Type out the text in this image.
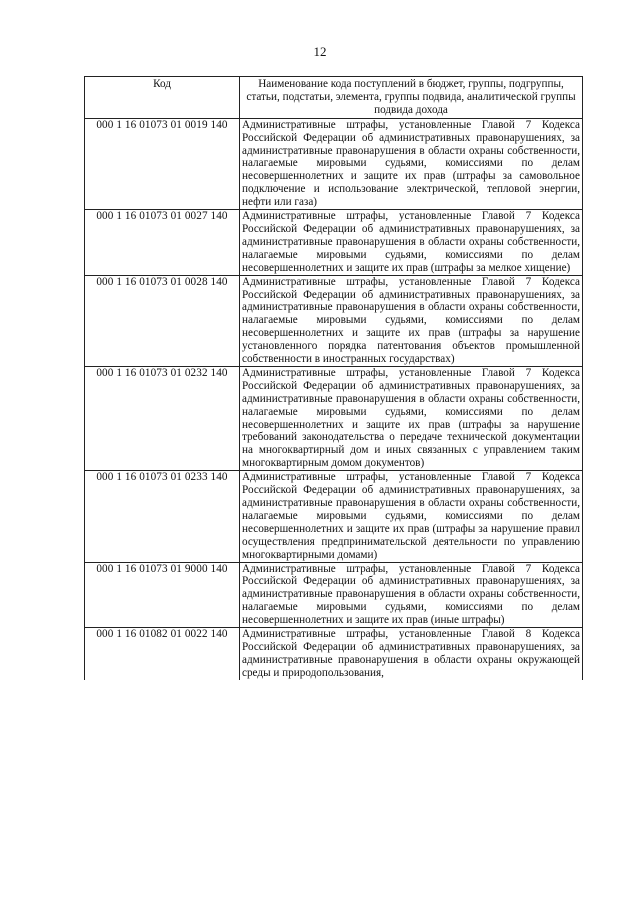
12
Код	Наименование кода поступлений в бюджет, группы, подгруппы, статьи, подстатьи, элемента, группы подвида, аналитической группы подвида дохода
000 1 16 01073 01 0019 140	Административные штрафы, установленные Главой 7 Кодекса Российской Федерации об административных правонарушениях, за административные правонарушения в области охраны собственности, налагаемые мировыми судьями, комиссиями по делам несовершеннолетних и защите их прав (штрафы за самовольное подключение и использование электрической, тепловой энергии, нефти или газа)
000 1 16 01073 01 0027 140	Административные штрафы, установленные Главой 7 Кодекса Российской Федерации об административных правонарушениях, за административные правонарушения в области охраны собственности, налагаемые мировыми судьями, комиссиями по делам несовершеннолетних и защите их прав (штрафы за мелкое хищение)
000 1 16 01073 01 0028 140	Административные штрафы, установленные Главой 7 Кодекса Российской Федерации об административных правонарушениях, за административные правонарушения в области охраны собственности, налагаемые мировыми судьями, комиссиями по делам несовершеннолетних и защите их прав (штрафы за нарушение установленного порядка патентования объектов промышленной собственности в иностранных государствах)
000 1 16 01073 01 0232 140	Административные штрафы, установленные Главой 7 Кодекса Российской Федерации об административных правонарушениях, за административные правонарушения в области охраны собственности, налагаемые мировыми судьями, комиссиями по делам несовершеннолетних и защите их прав (штрафы за нарушение требований законодательства о передаче технической документации на многоквартирный дом и иных связанных с управлением таким многоквартирным домом документов)
000 1 16 01073 01 0233 140	Административные штрафы, установленные Главой 7 Кодекса Российской Федерации об административных правонарушениях, за административные правонарушения в области охраны собственности, налагаемые мировыми судьями, комиссиями по делам несовершеннолетних и защите их прав (штрафы за нарушение правил осуществления предпринимательской деятельности по управлению многоквартирными домами)
000 1 16 01073 01 9000 140	Административные штрафы, установленные Главой 7 Кодекса Российской Федерации об административных правонарушениях, за административные правонарушения в области охраны собственности, налагаемые мировыми судьями, комиссиями по делам несовершеннолетних и защите их прав (иные штрафы)
000 1 16 01082 01 0022 140	Административные штрафы, установленные Главой 8 Кодекса Российской Федерации об административных правонарушениях, за административные правонарушения в области охраны окружающей среды и природопользования,
